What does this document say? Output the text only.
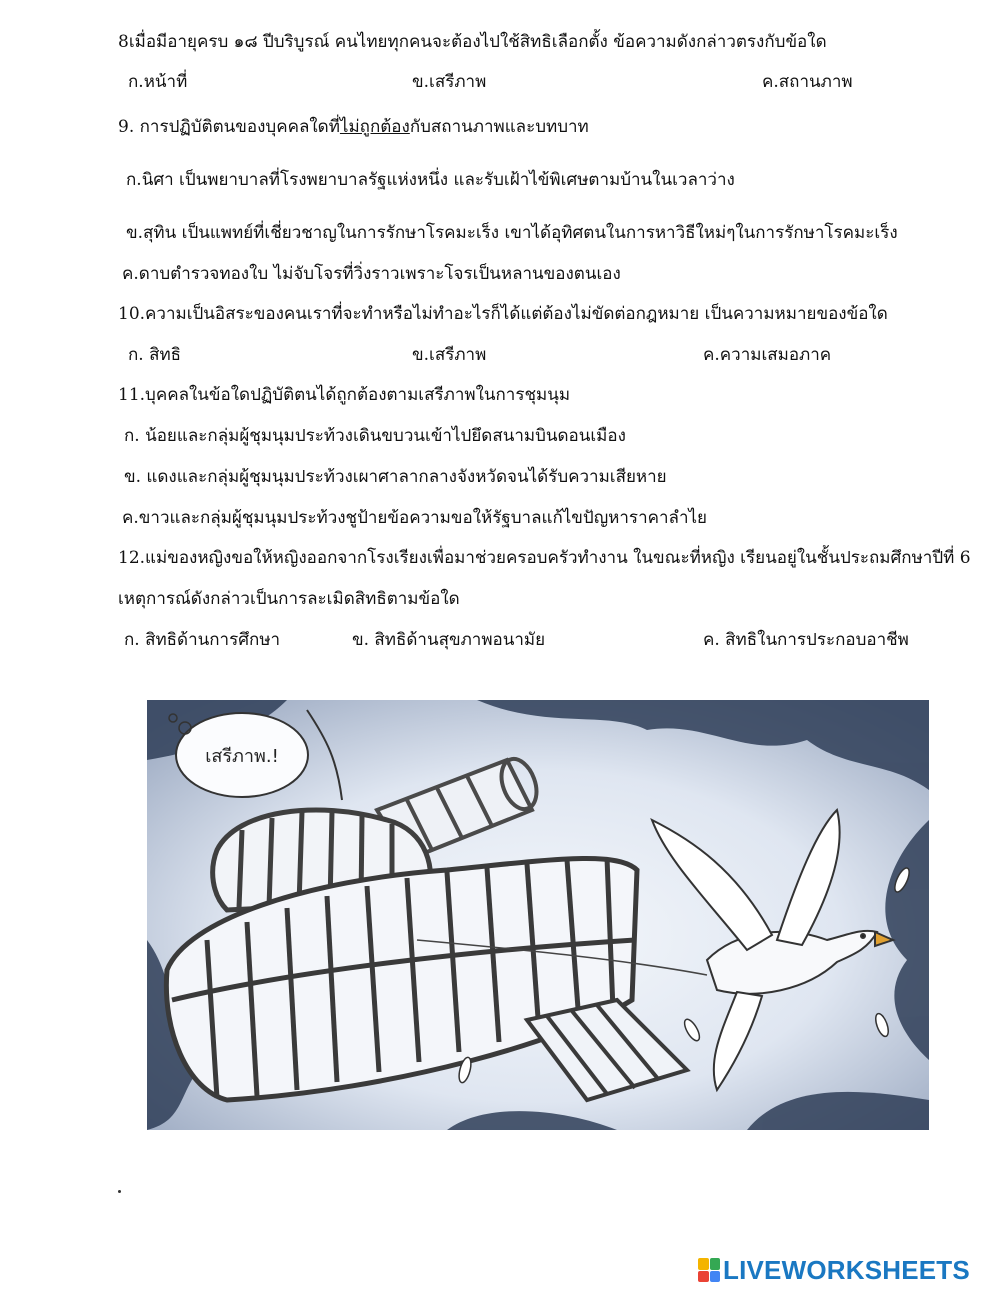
8เมื่อมีอายุครบ ๑๘ ปีบริบูรณ์ คนไทยทุกคนจะต้องไปใช้สิทธิเลือกตั้ง ข้อความดังกล่าวตรงกับข้อใด
ก.หน้าที่	ข.เสรีภาพ	ค.สถานภาพ
9. การปฏิบัติตนของบุคคลใดที่ไม่ถูกต้องกับสถานภาพและบทบาท
ก.นิศา เป็นพยาบาลที่โรงพยาบาลรัฐแห่งหนึ่ง และรับเฝ้าไข้พิเศษตามบ้านในเวลาว่าง
ข.สุทิน เป็นแพทย์ที่เชี่ยวชาญในการรักษาโรคมะเร็ง เขาได้อุทิศตนในการหาวิธีใหม่ๆในการรักษาโรคมะเร็ง
ค.ดาบตำรวจทองใบ ไม่จับโจรที่วิ่งราวเพราะโจรเป็นหลานของตนเอง
10.ความเป็นอิสระของคนเราที่จะทำหรือไม่ทำอะไรก็ได้แต่ต้องไม่ขัดต่อกฎหมาย เป็นความหมายของข้อใด
ก. สิทธิ	ข.เสรีภาพ	ค.ความเสมอภาค
11.บุคคลในข้อใดปฏิบัติตนได้ถูกต้องตามเสรีภาพในการชุมนุม
ก. น้อยและกลุ่มผู้ชุมนุมประท้วงเดินขบวนเข้าไปยึดสนามบินดอนเมือง
ข. แดงและกลุ่มผู้ชุมนุมประท้วงเผาศาลากลางจังหวัดจนได้รับความเสียหาย
ค.ขาวและกลุ่มผู้ชุมนุมประท้วงชูป้ายข้อความขอให้รัฐบาลแก้ไขปัญหาราคาลำไย
12.แม่ของหญิงขอให้หญิงออกจากโรงเรียงเพื่อมาช่วยครอบครัวทำงาน ในขณะที่หญิง เรียนอยู่ในชั้นประถมศึกษาปีที่ 6
เหตุการณ์ดังกล่าวเป็นการละเมิดสิทธิตามข้อใด
ก. สิทธิด้านการศึกษา	ข. สิทธิด้านสุขภาพอนามัย	ค. สิทธิในการประกอบอาชีพ
เสรีภาพ.!
LIVEWORKSHEETS
